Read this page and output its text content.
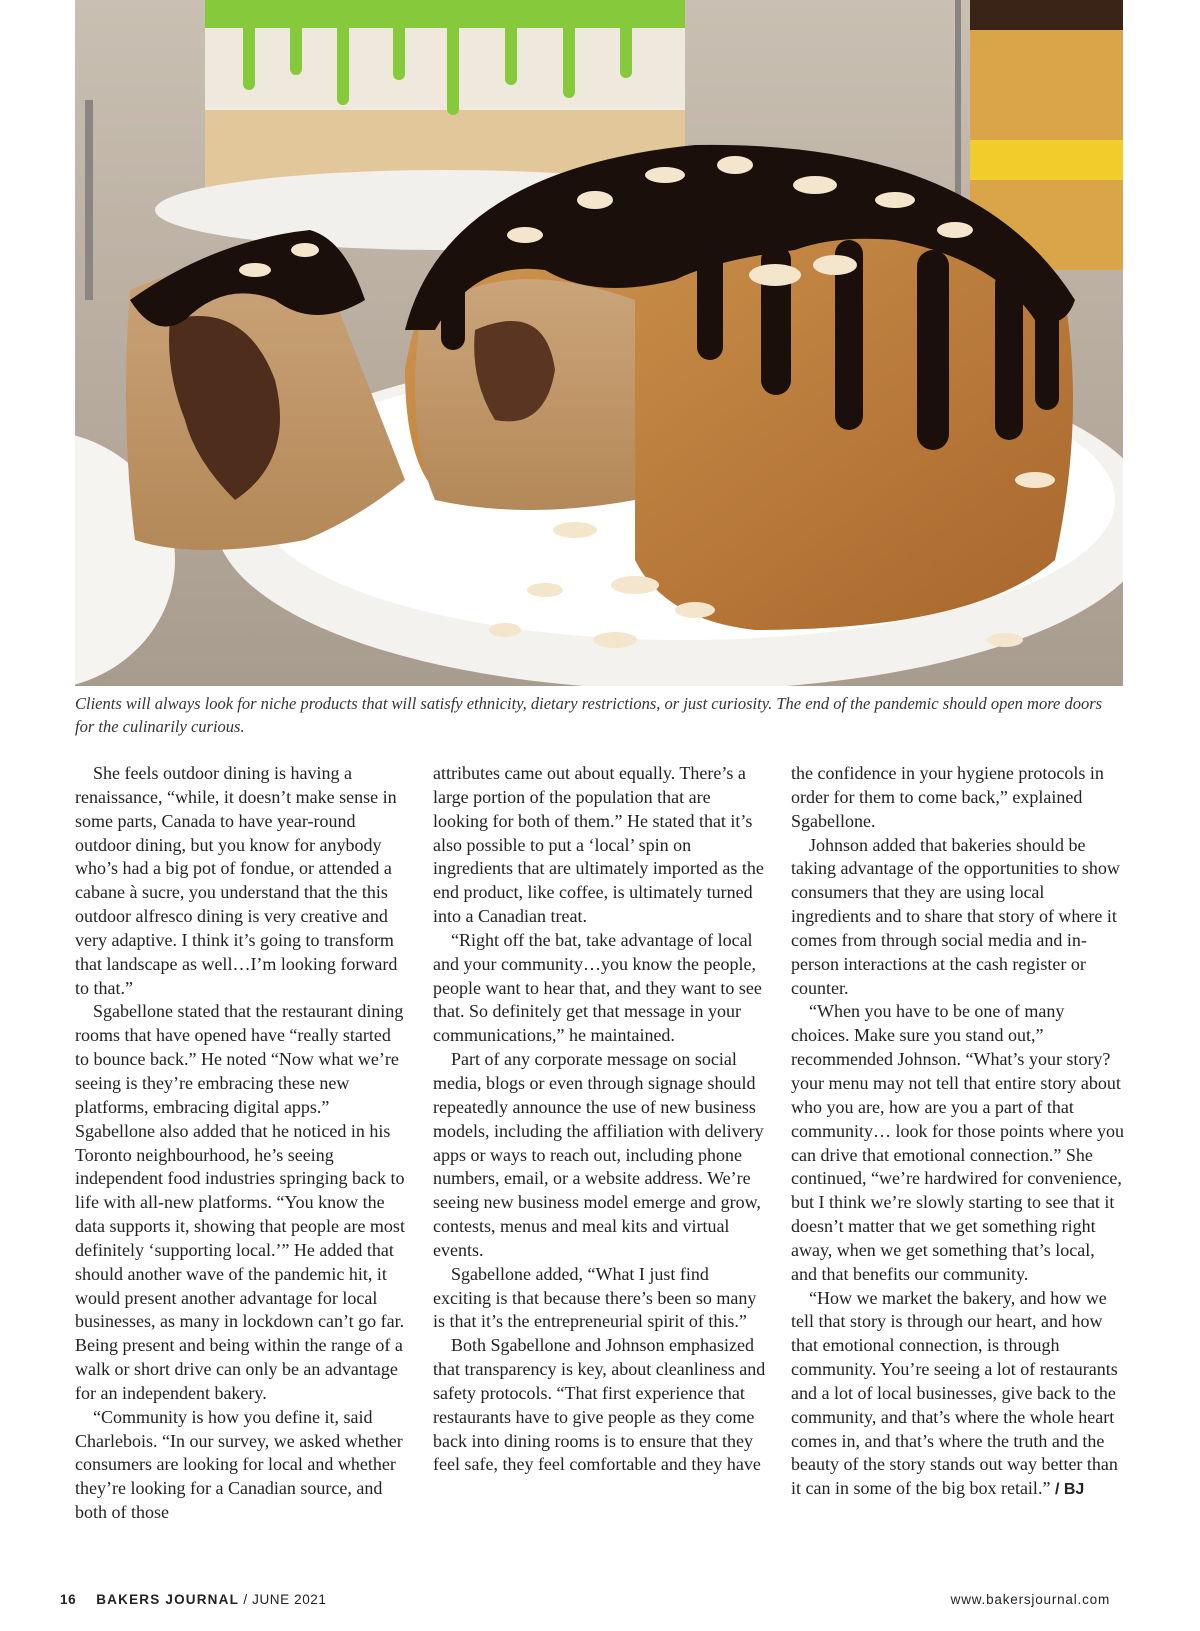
Clients will always look for niche products that will satisfy ethnicity, dietary restrictions, or just curiosity. The end of the pandemic should open more doors for the culinarily curious.

She feels outdoor dining is having a renaissance, “while, it doesn’t make sense in some parts, Canada to have year-round outdoor dining, but you know for anybody who’s had a big pot of fondue, or attended a cabane à sucre, you understand that the this outdoor alfresco dining is very creative and very adaptive. I think it’s going to transform that landscape as well…I’m looking forward to that.”

Sgabellone stated that the restaurant dining rooms that have opened have “really started to bounce back.” He noted “Now what we’re seeing is they’re embracing these new platforms, embracing digital apps.” Sgabellone also added that he noticed in his Toronto neighbourhood, he’s seeing independent food industries springing back to life with all-new platforms. “You know the data supports it, showing that people are most definitely ‘supporting local.’” He added that should another wave of the pandemic hit, it would present another advantage for local businesses, as many in lockdown can’t go far. Being present and being within the range of a walk or short drive can only be an advantage for an independent bakery.

“Community is how you define it, said Charlebois. “In our survey, we asked whether consumers are looking for local and whether they’re looking for a Canadian source, and both of those

attributes came out about equally. There’s a large portion of the population that are looking for both of them.” He stated that it’s also possible to put a ‘local’ spin on ingredients that are ultimately imported as the end product, like coffee, is ultimately turned into a Canadian treat.

“Right off the bat, take advantage of local and your community…you know the people, people want to hear that, and they want to see that. So definitely get that message in your communications,” he maintained.

Part of any corporate message on social media, blogs or even through signage should repeatedly announce the use of new business models, including the affiliation with delivery apps or ways to reach out, including phone numbers, email, or a website address. We’re seeing new business model emerge and grow, contests, menus and meal kits and virtual events.

Sgabellone added, “What I just find exciting is that because there’s been so many is that it’s the entrepreneurial spirit of this.”

Both Sgabellone and Johnson emphasized that transparency is key, about cleanliness and safety protocols. “That first experience that restaurants have to give people as they come back into dining rooms is to ensure that they feel safe, they feel comfortable and they have

the confidence in your hygiene protocols in order for them to come back,” explained Sgabellone.

Johnson added that bakeries should be taking advantage of the opportunities to show consumers that they are using local ingredients and to share that story of where it comes from through social media and in-person interactions at the cash register or counter.

“When you have to be one of many choices. Make sure you stand out,” recommended Johnson. “What’s your story? your menu may not tell that entire story about who you are, how are you a part of that community… look for those points where you can drive that emotional connection.” She continued, “we’re hardwired for convenience, but I think we’re slowly starting to see that it doesn’t matter that we get something right away, when we get something that’s local, and that benefits our community.

“How we market the bakery, and how we tell that story is through our heart, and how that emotional connection, is through community. You’re seeing a lot of restaurants and a lot of local businesses, give back to the community, and that’s where the whole heart comes in, and that’s where the truth and the beauty of the story stands out way better than it can in some of the big box retail.” / BJ

16 BAKERS JOURNAL / JUNE 2021	www.bakersjournal.com
